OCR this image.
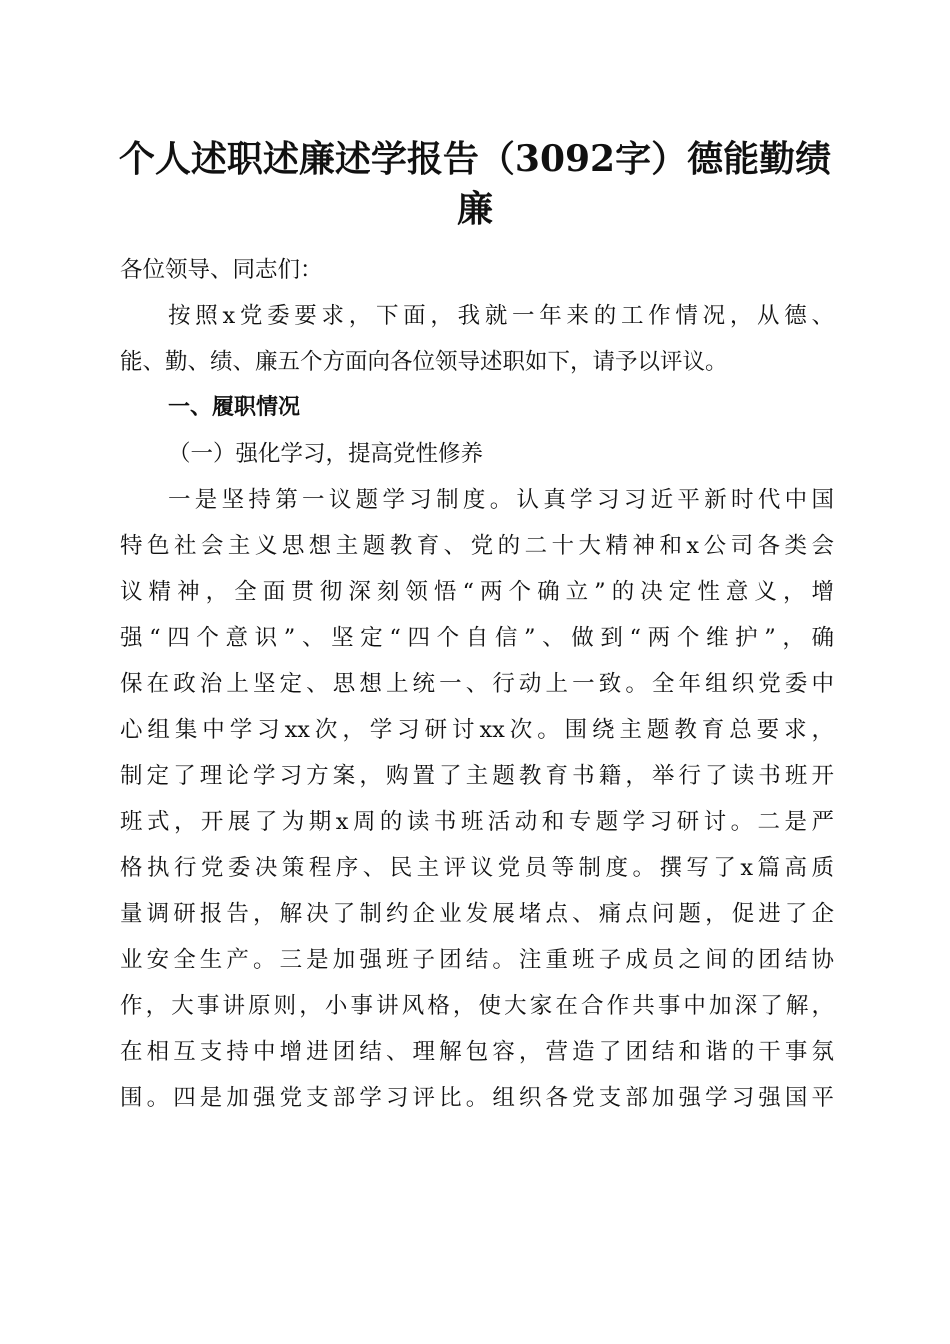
个人述职述廉述学报告（3092字）德能勤绩廉
各位领导、同志们：
按照x党委要求，下面，我就一年来的工作情况，从德、
能、勤、绩、廉五个方面向各位领导述职如下，请予以评议。
一、履职情况
（一）强化学习，提高党性修养
一是坚持第一议题学习制度。认真学习习近平新时代中国
特色社会主义思想主题教育、党的二十大精神和x公司各类会
议精神，全面贯彻深刻领悟“两个确立”的决定性意义，增
强“四个意识”、坚定“四个自信”、做到“两个维护”，确
保在政治上坚定、思想上统一、行动上一致。全年组织党委中
心组集中学习xx次，学习研讨xx次。围绕主题教育总要求，
制定了理论学习方案，购置了主题教育书籍，举行了读书班开
班式，开展了为期x周的读书班活动和专题学习研讨。二是严
格执行党委决策程序、民主评议党员等制度。撰写了x篇高质
量调研报告，解决了制约企业发展堵点、痛点问题，促进了企
业安全生产。三是加强班子团结。注重班子成员之间的团结协
作，大事讲原则，小事讲风格，使大家在合作共事中加深了解，
在相互支持中增进团结、理解包容，营造了团结和谐的干事氛
围。四是加强党支部学习评比。组织各党支部加强学习强国平
